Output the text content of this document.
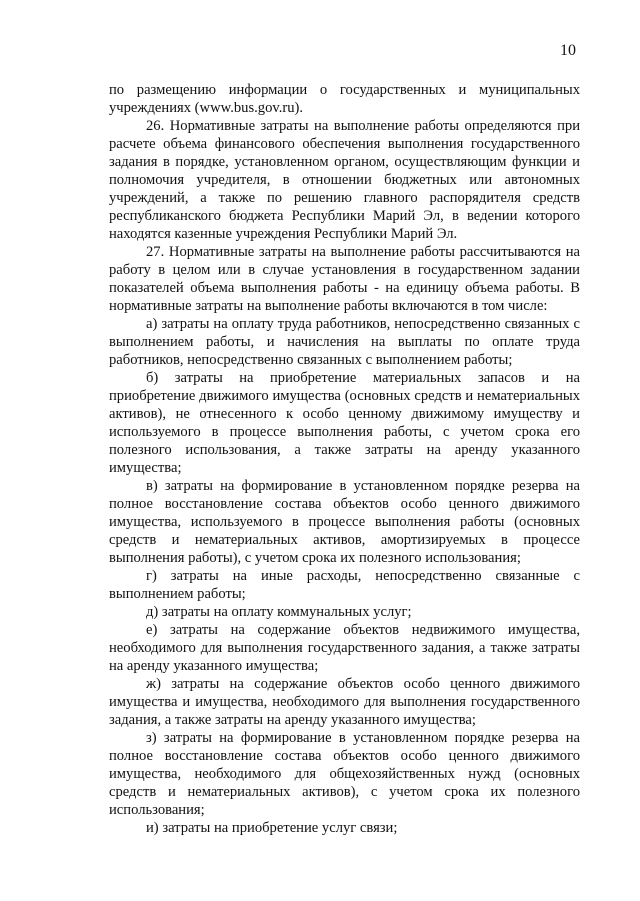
10

по размещению информации о государственных и муниципальных учреждениях (www.bus.gov.ru).

26. Нормативные затраты на выполнение работы определяются при расчете объема финансового обеспечения выполнения государственного задания в порядке, установленном органом, осуществляющим функции и полномочия учредителя, в отношении бюджетных или автономных учреждений, а также по решению главного распорядителя средств республиканского бюджета Республики Марий Эл, в ведении которого находятся казенные учреждения Республики Марий Эл.

27. Нормативные затраты на выполнение работы рассчитываются на работу в целом или в случае установления в государственном задании показателей объема выполнения работы - на единицу объема работы. В нормативные затраты на выполнение работы включаются в том числе:

а) затраты на оплату труда работников, непосредственно связанных с выполнением работы, и начисления на выплаты по оплате труда работников, непосредственно связанных с выполнением работы;

б) затраты на приобретение материальных запасов и на приобретение движимого имущества (основных средств и нематериальных активов), не отнесенного к особо ценному движимому имуществу и используемого в процессе выполнения работы, с учетом срока его полезного использования, а также затраты на аренду указанного имущества;

в) затраты на формирование в установленном порядке резерва на полное восстановление состава объектов особо ценного движимого имущества, используемого в процессе выполнения работы (основных средств и нематериальных активов, амортизируемых в процессе выполнения работы), с учетом срока их полезного использования;

г) затраты на иные расходы, непосредственно связанные с выполнением работы;

д) затраты на оплату коммунальных услуг;

е) затраты на содержание объектов недвижимого имущества, необходимого для выполнения государственного задания, а также затраты на аренду указанного имущества;

ж) затраты на содержание объектов особо ценного движимого имущества и имущества, необходимого для выполнения государственного задания, а также затраты на аренду указанного имущества;

з) затраты на формирование в установленном порядке резерва на полное восстановление состава объектов особо ценного движимого имущества, необходимого для общехозяйственных нужд (основных средств и нематериальных активов), с учетом срока их полезного использования;

и) затраты на приобретение услуг связи;
